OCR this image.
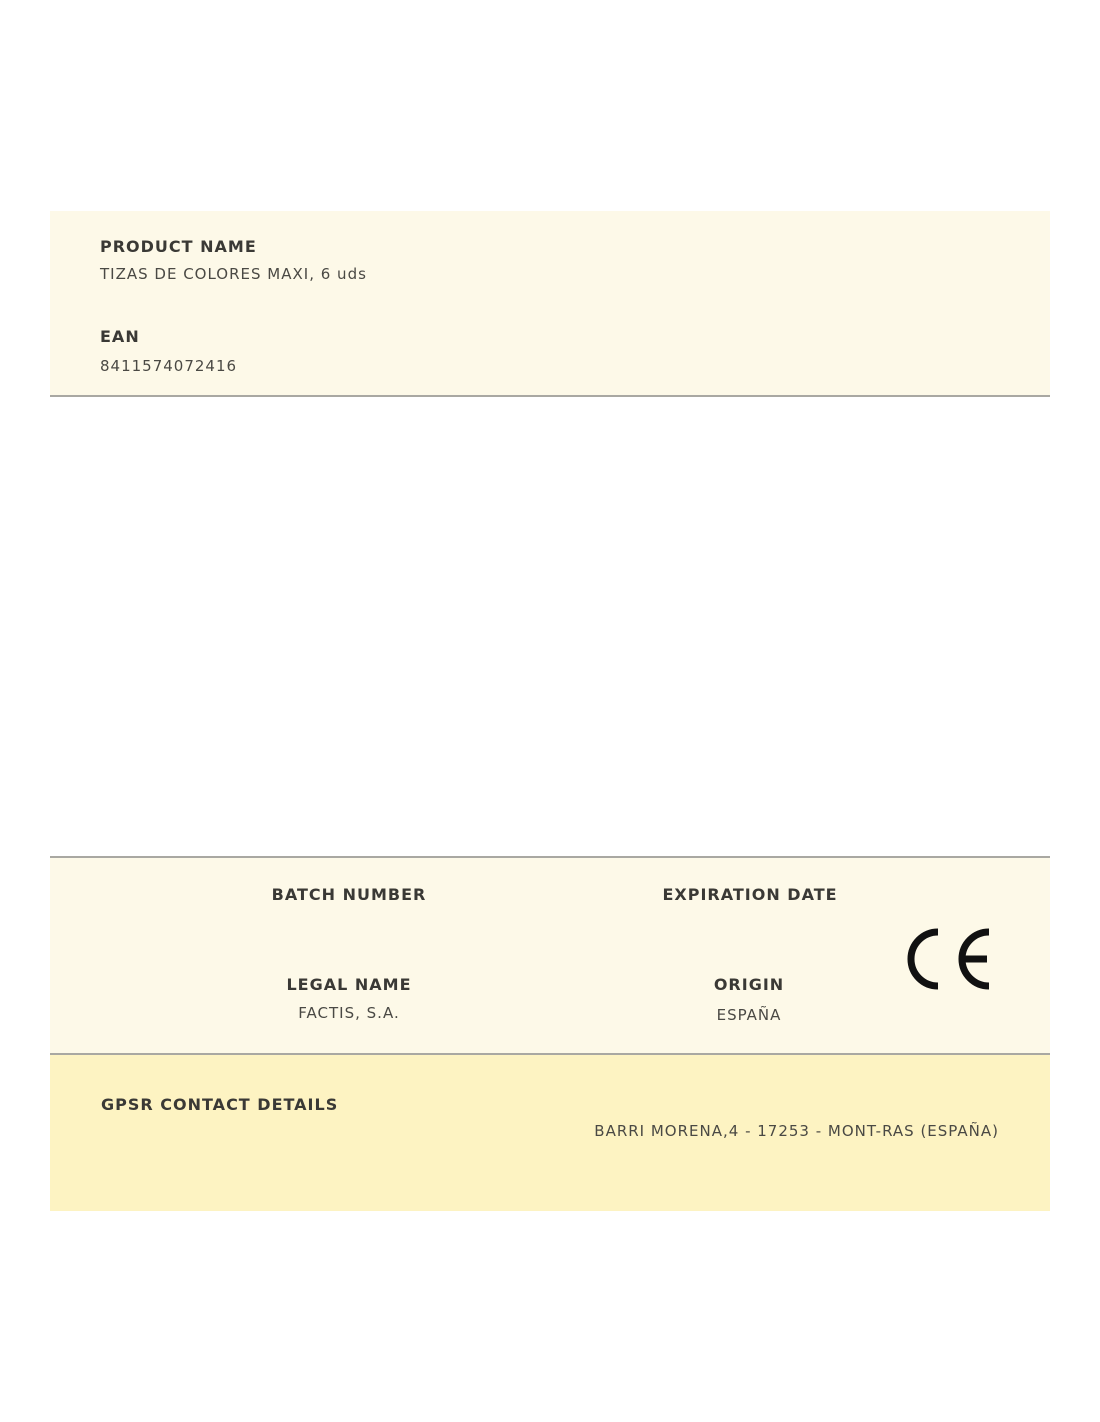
PRODUCT NAME
TIZAS DE COLORES MAXI, 6 uds
EAN
8411574072416
BATCH NUMBER	EXPIRATION DATE
LEGAL NAME
FACTIS, S.A.
ORIGIN
ESPAÑA
GPSR CONTACT DETAILS
BARRI MORENA,4 - 17253 - MONT-RAS (ESPAÑA)
